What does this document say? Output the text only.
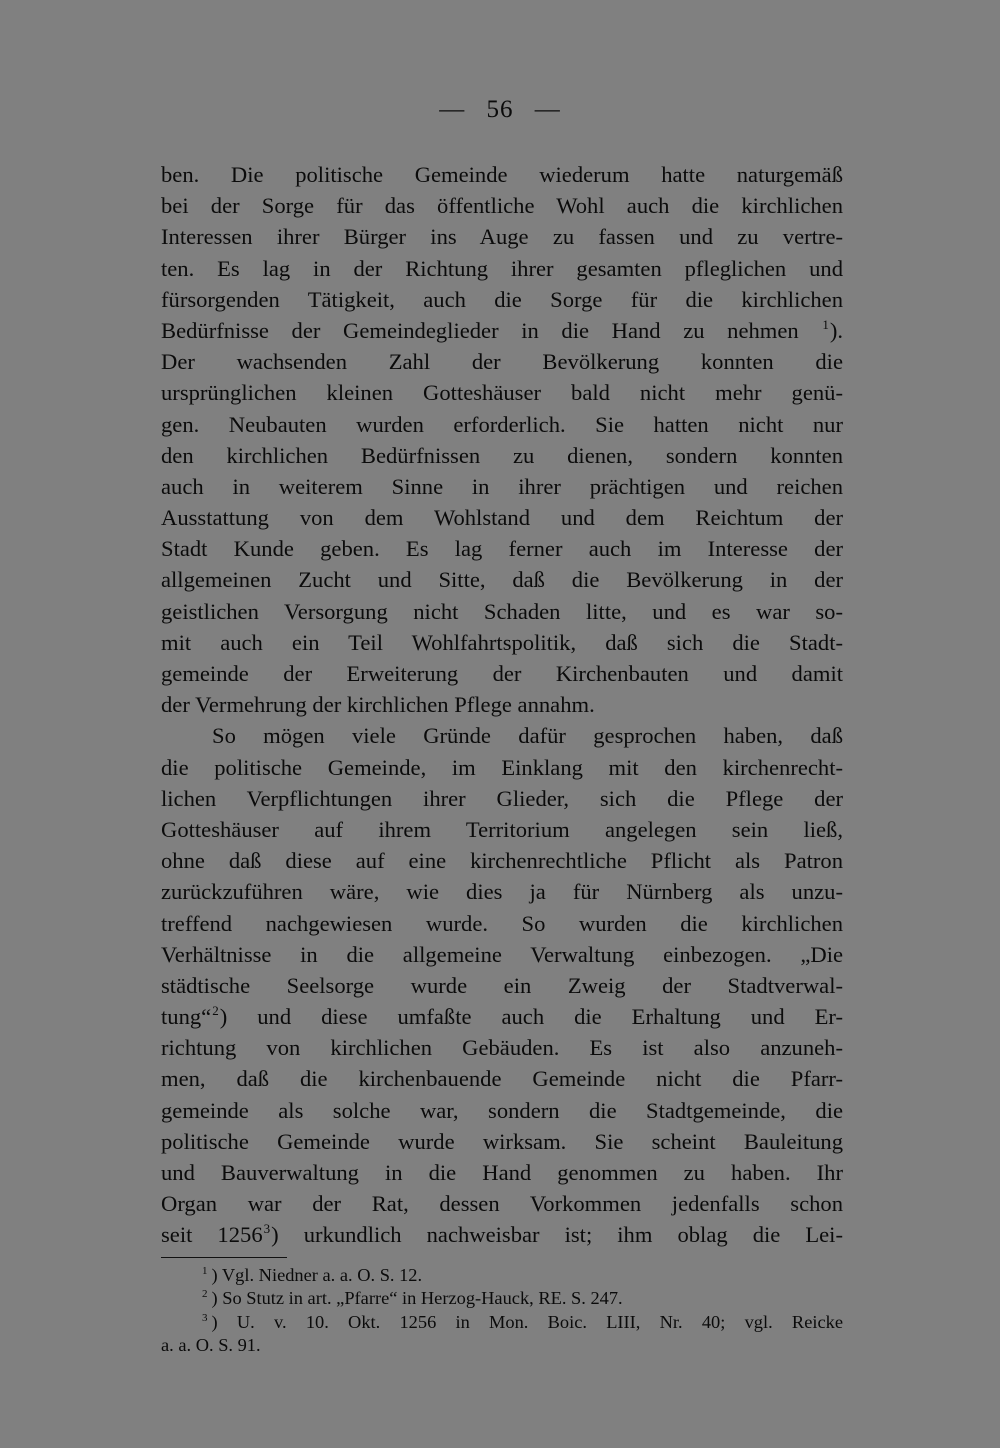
— 56 —
ben. Die politische Gemeinde wiederum hatte naturgemäß
bei der Sorge für das öffentliche Wohl auch die kirchlichen
Interessen ihrer Bürger ins Auge zu fassen und zu vertre-
ten. Es lag in der Richtung ihrer gesamten pfleglichen und
fürsorgenden Tätigkeit, auch die Sorge für die kirchlichen
Bedürfnisse der Gemeindeglieder in die Hand zu nehmen $^1$).
Der wachsenden Zahl der Bevölkerung konnten die
ursprünglichen kleinen Gotteshäuser bald nicht mehr genü-
gen. Neubauten wurden erforderlich. Sie hatten nicht nur
den kirchlichen Bedürfnissen zu dienen, sondern konnten
auch in weiterem Sinne in ihrer prächtigen und reichen
Ausstattung von dem Wohlstand und dem Reichtum der
Stadt Kunde geben. Es lag ferner auch im Interesse der
allgemeinen Zucht und Sitte, daß die Bevölkerung in der
geistlichen Versorgung nicht Schaden litte, und es war so-
mit auch ein Teil Wohlfahrtspolitik, daß sich die Stadt-
gemeinde der Erweiterung der Kirchenbauten und damit
der Vermehrung der kirchlichen Pflege annahm.
So mögen viele Gründe dafür gesprochen haben, daß
die politische Gemeinde, im Einklang mit den kirchenrecht-
lichen Verpflichtungen ihrer Glieder, sich die Pflege der
Gotteshäuser auf ihrem Territorium angelegen sein ließ,
ohne daß diese auf eine kirchenrechtliche Pflicht als Patron
zurückzuführen wäre, wie dies ja für Nürnberg als unzu-
treffend nachgewiesen wurde. So wurden die kirchlichen
Verhältnisse in die allgemeine Verwaltung einbezogen. „Die
städtische Seelsorge wurde ein Zweig der Stadtverwal-
tung“$^2$) und diese umfaßte auch die Erhaltung und Er-
richtung von kirchlichen Gebäuden. Es ist also anzuneh-
men, daß die kirchenbauende Gemeinde nicht die Pfarr-
gemeinde als solche war, sondern die Stadtgemeinde, die
politische Gemeinde wurde wirksam. Sie scheint Bauleitung
und Bauverwaltung in die Hand genommen zu haben. Ihr
Organ war der Rat, dessen Vorkommen jedenfalls schon
seit 1256$^3$) urkundlich nachweisbar ist; ihm oblag die Lei-
$^1$ ) Vgl. Niedner a. a. O. S. 12.
$^2$ ) So Stutz in art. „Pfarre“ in Herzog-Hauck, RE. S. 247.
$^3$ ) U. v. 10. Okt. 1256 in Mon. Boic. LIII, Nr. 40; vgl. Reicke
a. a. O. S. 91.
